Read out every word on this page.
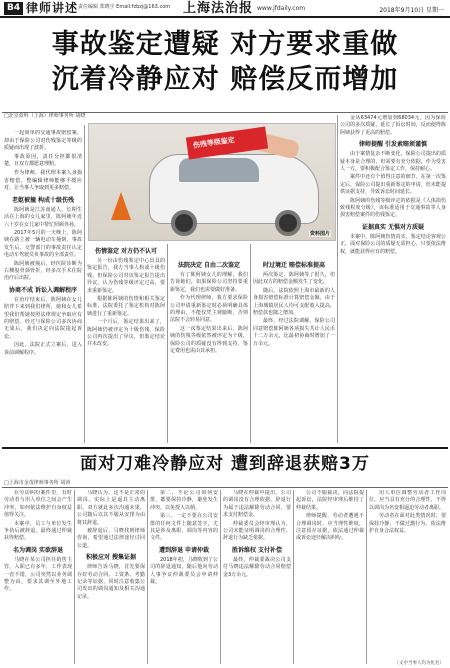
B4 律师讲述 责任编辑 郑晓宇 Email:fzbzj@163.com 上海法治报 www.jfdaily.com	2018年9月10日 星期一
事故鉴定遭疑 对方要求重做
沉着冷静应对 赔偿反而增加
□北京盈科（上海）律师事务所 胡晓
伤残等级鉴定
资料图片

一起简单的交通事故赔偿案，却由于保险公司对伤残鉴定等级的质疑而出现了波折。

事故原因，责任分担都很清楚，且双方都愿意理赔。

作为律师，我代理本案人身损害赔偿，整编辑律师能够平缓应对，让当事人争取到更多赔偿。

老妪被撞 构成十级伤残

陈阿姨是江苏南通人，长期生活在上海的女儿家里，陈阿姨年近六十岁在女儿家中帮忙照顾外孙。

2017年5月的一天晚上，陈阿姨在路上被一辆电动车撞倒，事故发生后，交警部门的事故责任认定电动车驾驶员负事故的全部责任。

陈阿姨被撞后，经医院诊断为右侧股骨颈骨折，经多次手术住院治疗后出院。

协商不成 诉讼入调解程序

在治疗结束后，陈阿姨在女儿陪伴下来到我们律所，她和女儿希望我们帮她按照法律规定争取应有的赔偿。经过与保险公司多次协商无果后，我们决定向法院提起诉讼。

因此，法院正式立案后，进入诉前调解程序。

伤情鉴定 对方仍不认可

另一份由伤残鉴定中心出具的鉴定报告，我方当事人构成十级伤残。但保险公司对该鉴定报告提出异议，认为伤残等级评定过高，要求重新鉴定。

根据陈阿姨的伤情和相关鉴定标准，法院委托了鉴定机构对陈阿姨进行了重新鉴定。

一个月后，鉴定结果出来了，陈阿姨仍被评定为十级伤残，保险公司再次提出了异议，但鉴定结论并未改变。

法院决定 自由二次鉴定

有了陈阿姨女儿的理解，我们告诉她们，如果保险公司坚持要重新鉴定，我们也需要做好准备。

作为代理律师，我方要求保险公司申请重新鉴定时必须明确具体的理由，不能仅凭主观臆断，否则法院不会轻易同意。

这一次鉴定结果出来后，陈阿姨的伤残等级依然被评定为十级，保险公司的质疑没有得到支持，鉴定费用也需由其承担。

时过境迁 赔偿标准提高

两次鉴定，陈阿姨等了很久，但因此双方的赔偿金额发生了变化。

随后，法院依照上海市最新的人身损害赔偿标准计算赔偿金额，由于上海城镇居民人均可支配收入提高，赔偿款也随之增加。

最终，经过法院调解，保险公司同意赔偿陈阿姨各项损失共计人民币十二万余元，比最初协商时增加了一万余元。

金从63474元增加到68034元，因为保险公司的多次质疑，延长了诉讼时间，反而使得陈阿姨获得了更高的赔偿。

律师提醒 引发索赔须谨慎

由于案情复杂不断变化，保险公司提出的质疑本身是合理的，但需要有充分依据。作为受害人一方，要积极配合鉴定工作，保持耐心。

案件中还有个值得注意的细节，在第一次鉴定后，保险公司提出重新鉴定的申请，但未能提供证据支持，导致诉讼时间延长。

陈阿姨的伤残等级评定的依据是《人体损伤致残程度分级》，该标准适用于交通事故等人身损害赔偿案件的伤残鉴定。

证据真实 无惧对方质疑

本案中，陈阿姨伤情真实，鉴定结论客观公正，面对保险公司的质疑无需担心，只要依法维权，就能获得应有的赔偿。

面对刀难冷静应对 遭到辞退获赔3万
□上海市金茂律师事务所 胡涛

在劳动纠纷案件里，有时劳动者与用人单位之间会产生冲突，如何依法维护自身权益值得关注。

本案中，员工与单位发生争执后被辞退，最终通过仲裁获得赔偿。

名为调岗 实欲辞退

马晓在某公司担任销售主管，入职已有多年，工作表现一直不错，公司突然以业务调整为由，要求其调至外地工作。

马晓认为，这不是正常的调岗，实际上是逼其主动离职。双方就此多次沟通未果，公司随后以其不服从安排为由将其辞退。

被辞退后，马晓找到律师咨询，希望通过法律途径讨回公道。

积极应对 搜集证据

律师告诉马晓，首先要保存好劳动合同、工资条、考勤记录等证据，同时注意收集公司发出的调岗通知及相关沟通记录。

第二，不论公司如何安排，都要保持冷静，避免发生冲突，以免授人以柄。

第三，一定不要在公司安排的任何文件上随意签字，尤其是涉及离职、调岗等内容的文件。

遭到辞退 申请仲裁

2018年初，马晓收到了公司的辞退通知，随后他向劳动人事争议仲裁委员会申请仲裁。

马晓在仲裁中提出，公司的调岗没有合理依据，辞退行为属于违法解除劳动合同，要求支付赔偿金。

仲裁委员会经审理认为，公司未能证明调岗的合理性，辞退行为缺乏依据。

胜诉维权 支付补偿

最终，仲裁委裁决公司支付马晓违法解除劳动合同赔偿金3万余元。

公司不服裁决，向法院提起诉讼，法院经审理后维持了仲裁结果。

律师提醒，劳动者遭遇不合理调岗时，应当理性维权，注意留存证据，依法通过仲裁或诉讼途径解决纠纷。

用人单位调整劳动者工作岗位，应当具有充分的合理性，不得以调岗为名变相逼迫劳动者离职。

劳动者在面对此类情况时，要保持冷静，不做过激行为，依法维护自身合法权益。

（文中当事人均为化名）
